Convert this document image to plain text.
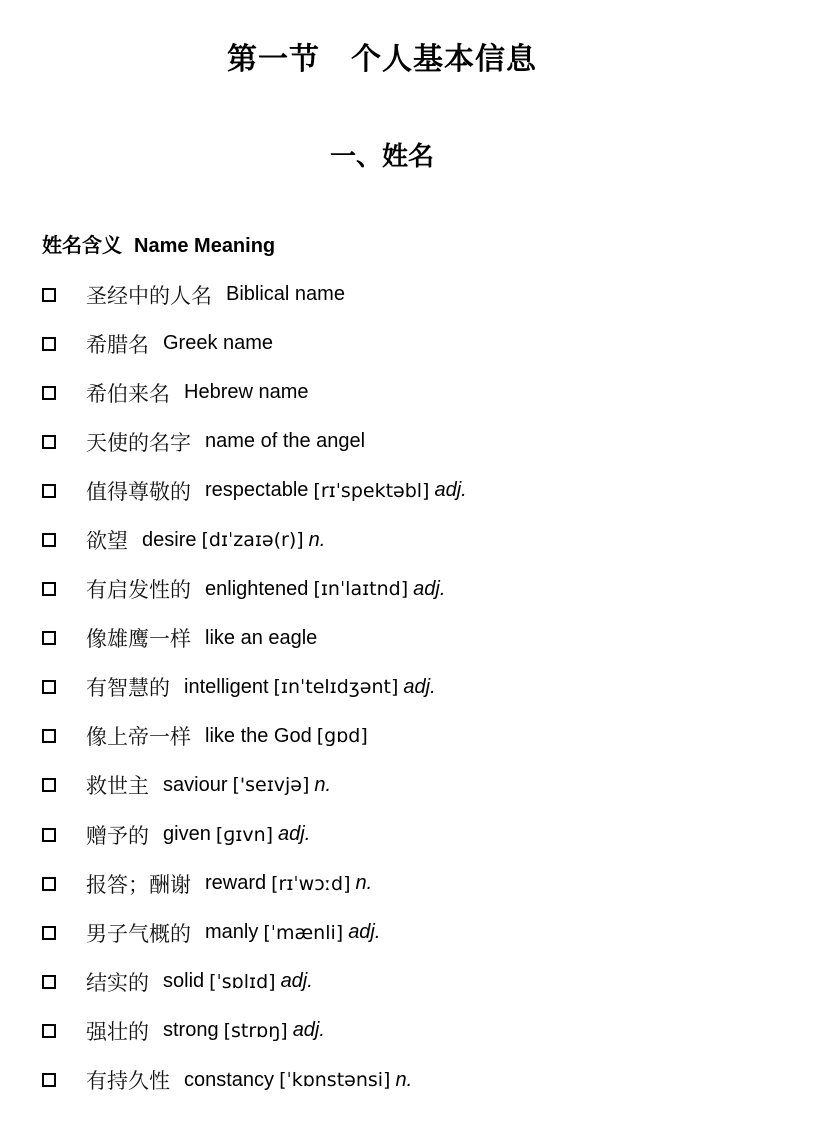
第一节　个人基本信息
一、姓名
姓名含义 Name Meaning
圣经中的人名 Biblical name
希腊名 Greek name
希伯来名 Hebrew name
天使的名字 name of the angel
值得尊敬的 respectable [rɪˈspektəbl] adj.
欲望 desire [dɪˈzaɪə(r)] n.
有启发性的 enlightened [ɪnˈlaɪtnd] adj.
像雄鹰一样 like an eagle
有智慧的 intelligent [ɪnˈtelɪdʒənt] adj.
像上帝一样 like the God [gɒd]
救世主 saviour ['seɪvjə] n.
赠予的 given [ɡɪvn] adj.
报答；酬谢 reward [rɪˈwɔːd] n.
男子气概的 manly [ˈmænli] adj.
结实的 solid [ˈsɒlɪd] adj.
强壮的 strong [strɒŋ] adj.
有持久性 constancy [ˈkɒnstənsi] n.
